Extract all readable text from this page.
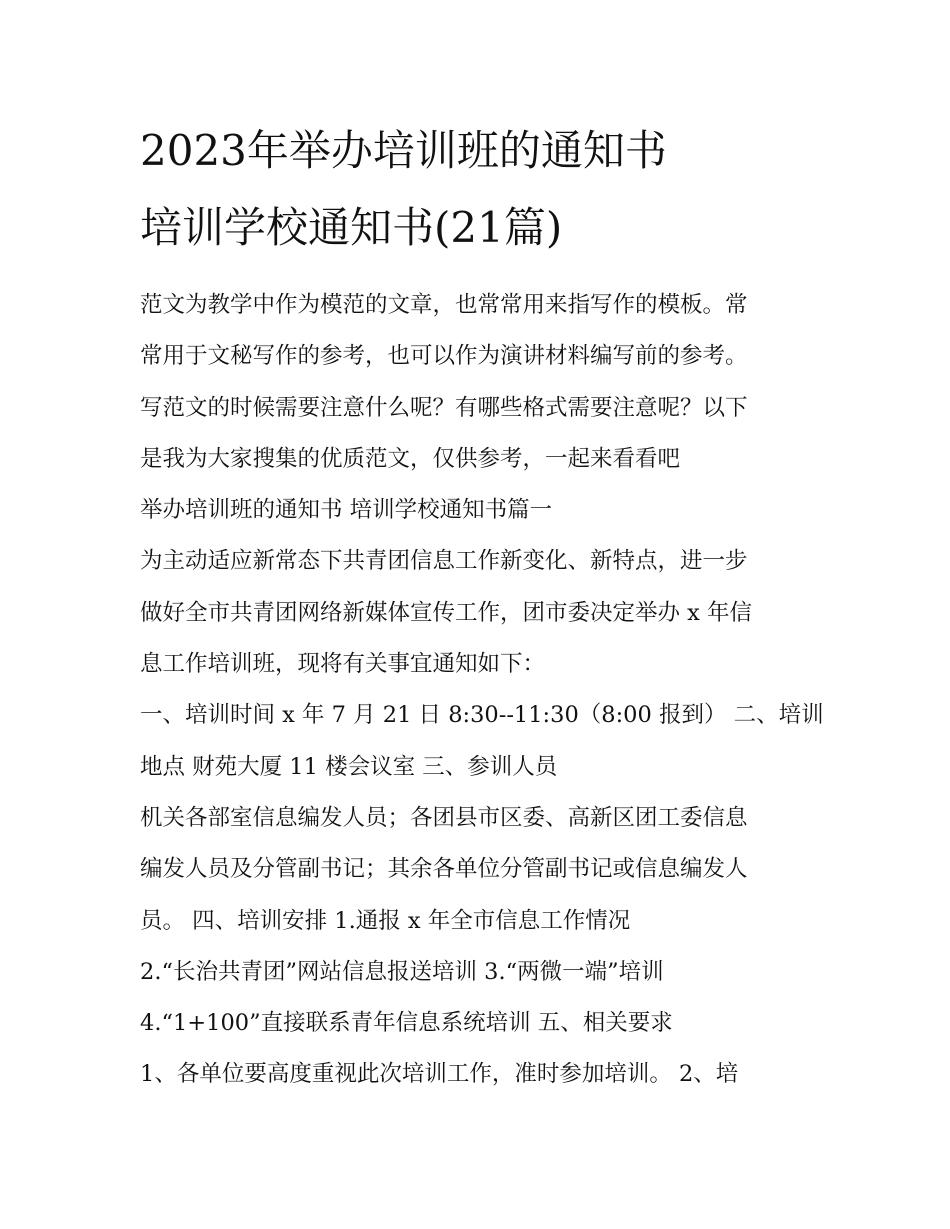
2023年举办培训班的通知书
培训学校通知书(21篇)

范文为教学中作为模范的文章，也常常用来指写作的模板。常

常用于文秘写作的参考，也可以作为演讲材料编写前的参考。

写范文的时候需要注意什么呢？有哪些格式需要注意呢？以下

是我为大家搜集的优质范文，仅供参考，一起来看看吧

举办培训班的通知书 培训学校通知书篇一

为主动适应新常态下共青团信息工作新变化、新特点，进一步

做好全市共青团网络新媒体宣传工作，团市委决定举办 x 年信

息工作培训班，现将有关事宜通知如下：

一、培训时间 x 年 7 月 21 日 8:30--11:30（8:00 报到） 二、培训

地点 财苑大厦 11 楼会议室 三、参训人员

机关各部室信息编发人员；各团县市区委、高新区团工委信息

编发人员及分管副书记；其余各单位分管副书记或信息编发人

员。 四、培训安排 1.通报 x 年全市信息工作情况

2.“长治共青团”网站信息报送培训 3.“两微一端”培训

4.“1+100”直接联系青年信息系统培训 五、相关要求

1、各单位要高度重视此次培训工作，准时参加培训。 2、培
